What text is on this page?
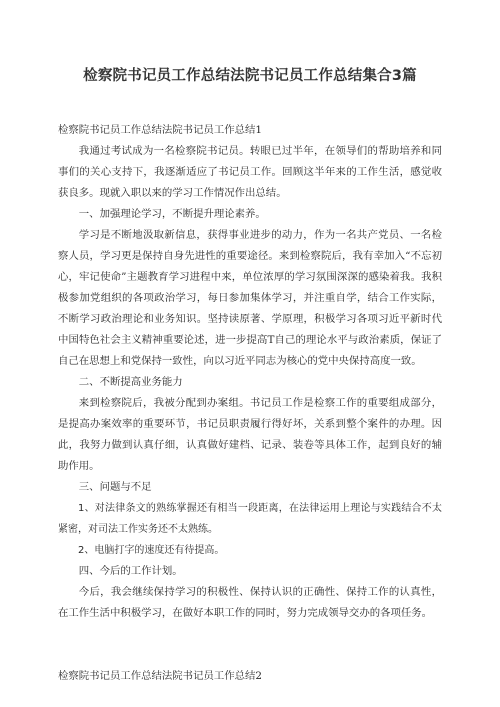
检察院书记员工作总结法院书记员工作总结集合3篇

检察院书记员工作总结法院书记员工作总结1

我通过考试成为一名检察院书记员。转眼已过半年，在领导们的帮助培养和同事们的关心支持下，我逐渐适应了书记员工作。回顾这半年来的工作生活，感觉收获良多。现就入职以来的学习工作情况作出总结。

一、加强理论学习，不断提升理论素养。

学习是不断地汲取新信息，获得事业进步的动力，作为一名共产党员、一名检察人员，学习更是保持自身先进性的重要途径。来到检察院后，我有幸加入“不忘初心，牢记使命”主题教育学习进程中来，单位浓厚的学习氛围深深的感染着我。我积极参加党组织的各项政治学习，每日参加集体学习，并注重自学，结合工作实际，不断学习政治理论和业务知识。坚持读原著、学原理，积极学习各项习近平新时代中国特色社会主义精神重要论述，进一步提高T自己的理论水平与政治素质，保证了自己在思想上和党保持一致性，向以习近平同志为核心的党中央保持高度一致。

二、不断提高业务能力

来到检察院后，我被分配到办案组。书记员工作是检察工作的重要组成部分，是提高办案效率的重要环节，书记员职责履行得好坏，关系到整个案件的办理。因此，我努力做到认真仔细，认真做好建档、记录、装卷等具体工作，起到良好的辅助作用。

三、问题与不足

1、对法律条文的熟练掌握还有相当一段距离，在法律运用上理论与实践结合不太紧密，对司法工作实务还不太熟练。

2、电脑打字的速度还有待提高。

四、今后的工作计划。

今后，我会继续保持学习的积极性、保持认识的正确性、保持工作的认真性，在工作生活中积极学习，在做好本职工作的同时，努力完成领导交办的各项任务。

检察院书记员工作总结法院书记员工作总结2
